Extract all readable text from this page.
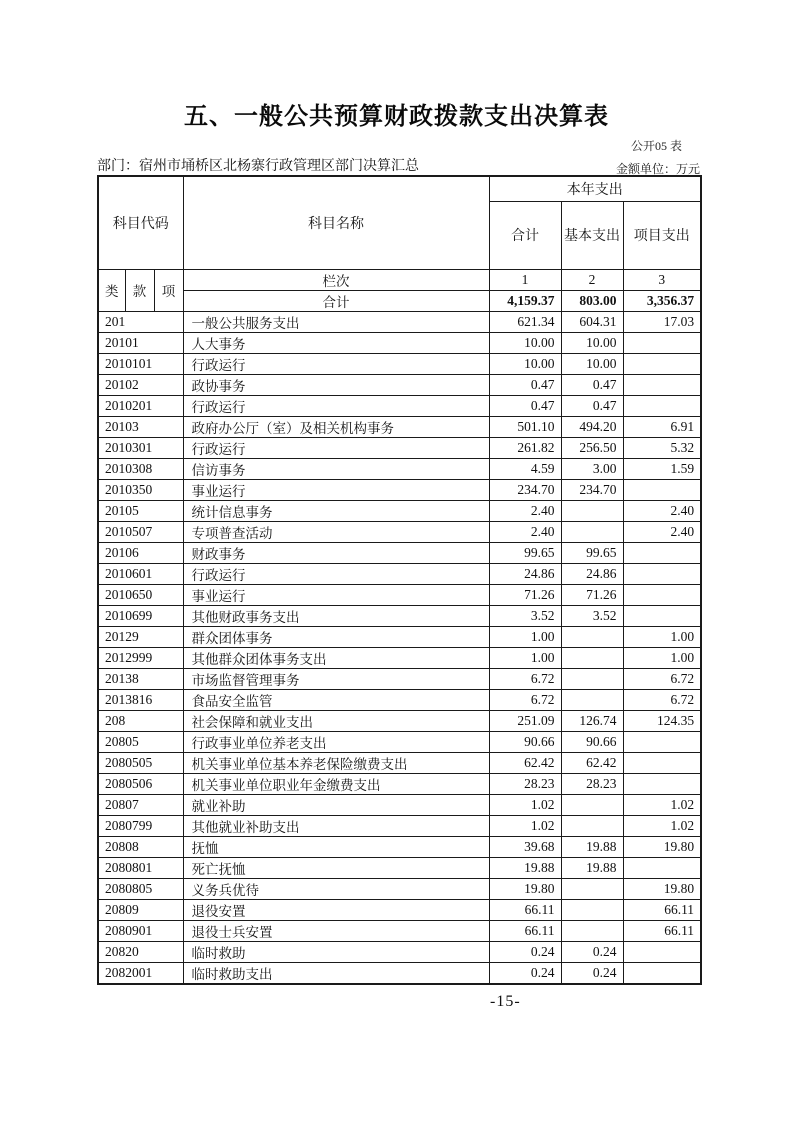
五、一般公共预算财政拨款支出决算表
公开05 表
部门：宿州市埇桥区北杨寨行政管理区部门决算汇总	金额单位：万元
科目代码			科目名称	本年支出		
				合计	基本支出	项目支出
类	款	项	栏次	1	2	3
			合计	4,159.37	803.00	3,356.37
201			一般公共服务支出	621.34	604.31	17.03
20101			人大事务	10.00	10.00	
2010101			行政运行	10.00	10.00	
20102			政协事务	0.47	0.47	
2010201			行政运行	0.47	0.47	
20103			政府办公厅（室）及相关机构事务	501.10	494.20	6.91
2010301			行政运行	261.82	256.50	5.32
2010308			信访事务	4.59	3.00	1.59
2010350			事业运行	234.70	234.70	
20105			统计信息事务	2.40		2.40
2010507			专项普查活动	2.40		2.40
20106			财政事务	99.65	99.65	
2010601			行政运行	24.86	24.86	
2010650			事业运行	71.26	71.26	
2010699			其他财政事务支出	3.52	3.52	
20129			群众团体事务	1.00		1.00
2012999			其他群众团体事务支出	1.00		1.00
20138			市场监督管理事务	6.72		6.72
2013816			食品安全监管	6.72		6.72
208			社会保障和就业支出	251.09	126.74	124.35
20805			行政事业单位养老支出	90.66	90.66	
2080505			机关事业单位基本养老保险缴费支出	62.42	62.42	
2080506			机关事业单位职业年金缴费支出	28.23	28.23	
20807			就业补助	1.02		1.02
2080799			其他就业补助支出	1.02		1.02
20808			抚恤	39.68	19.88	19.80
2080801			死亡抚恤	19.88	19.88	
2080805			义务兵优待	19.80		19.80
20809			退役安置	66.11		66.11
2080901			退役士兵安置	66.11		66.11
20820			临时救助	0.24	0.24	
2082001			临时救助支出	0.24	0.24	
-15-
